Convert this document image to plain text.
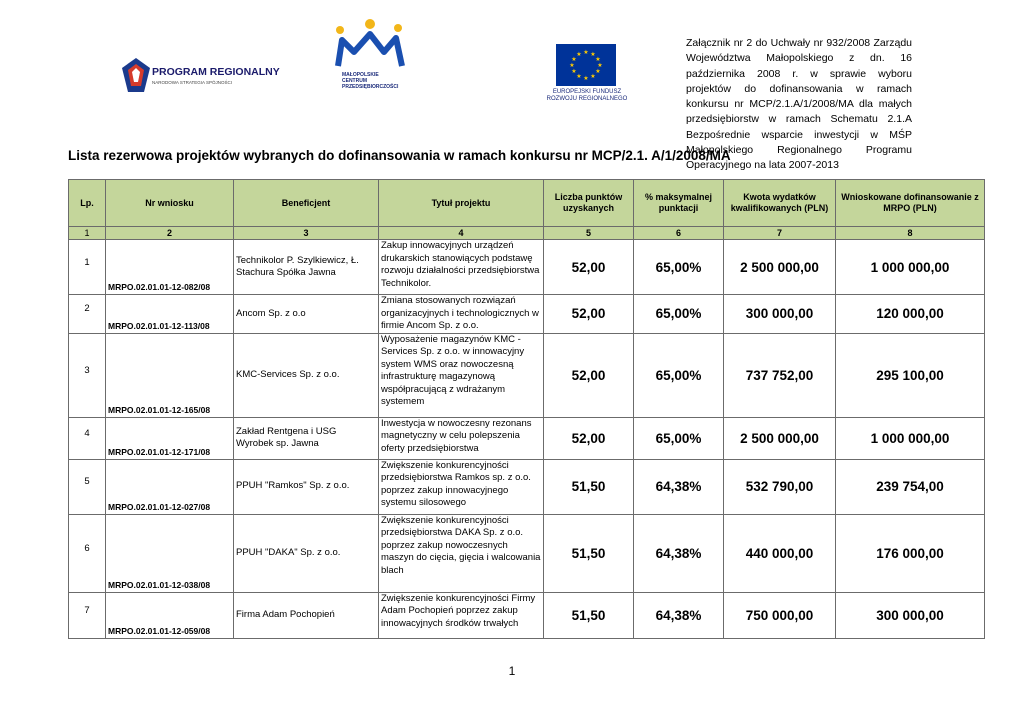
PROGRAM REGIONALNY
NARODOWA STRATEGIA SPÓJNOŚCI
MAŁOPOLSKIE
CENTRUM
PRZEDSIĘBIORCZOŚCI
★ ★
★
★
★
★
★
★
★
★
★
★
EUROPEJSKI FUNDUSZ
ROZWOJU REGIONALNEGO
Załącznik nr 2 do Uchwały nr 932/2008 Zarządu Województwa Małopolskiego z dn. 16 października 2008 r. w sprawie wyboru projektów do dofinansowania w ramach konkursu nr MCP/2.1.A/1/2008/MA dla małych przedsiębiorstw w ramach Schematu 2.1.A Bezpośrednie wsparcie inwestycji w MŚP Małopolskiego Regionalnego Programu Operacyjnego na lata 2007-2013
Lista rezerwowa projektów wybranych do dofinansowania w ramach konkursu nr MCP/2.1. A/1/2008/MA
Lp.	Nr wniosku	Beneficjent	Tytuł projektu	Liczba punktów uzyskanych	% maksymalnej punktacji	Kwota wydatków kwalifikowanych (PLN)	Wnioskowane dofinansowanie z MRPO (PLN)
1	2	3	4	5	6	7	8
1	MRPO.02.01.01-12-082/08	Technikolor P. Szylkiewicz, Ł. Stachura Spółka Jawna	Zakup innowacyjnych urządzeń drukarskich stanowiących podstawę rozwoju działalności przedsiębiorstwa Technikolor.	52,00	65,00%	2 500 000,00	1 000 000,00
2	MRPO.02.01.01-12-113/08	Ancom Sp. z o.o	Zmiana stosowanych rozwiązań organizacyjnych i technologicznych w firmie Ancom Sp. z o.o.	52,00	65,00%	300 000,00	120 000,00
3	MRPO.02.01.01-12-165/08	KMC-Services Sp. z o.o.	Wyposażenie magazynów KMC - Services Sp. z o.o. w innowacyjny system WMS oraz nowoczesną infrastrukturę magazynową współpracującą z wdrażanym systemem	52,00	65,00%	737 752,00	295 100,00
4	MRPO.02.01.01-12-171/08	Zakład Rentgena i USG Wyrobek sp. Jawna	Inwestycja w nowoczesny rezonans magnetyczny w celu polepszenia oferty przedsiębiorstwa	52,00	65,00%	2 500 000,00	1 000 000,00
5	MRPO.02.01.01-12-027/08	PPUH "Ramkos" Sp. z o.o.	Zwiększenie konkurencyjności przedsiębiorstwa Ramkos sp. z o.o. poprzez zakup innowacyjnego systemu silosowego	51,50	64,38%	532 790,00	239 754,00
6	MRPO.02.01.01-12-038/08	PPUH "DAKA" Sp. z o.o.	Zwiększenie konkurencyjności przedsiębiorstwa DAKA Sp. z o.o. poprzez zakup nowoczesnych maszyn do cięcia, gięcia i walcowania blach	51,50	64,38%	440 000,00	176 000,00
7	MRPO.02.01.01-12-059/08	Firma Adam Pochopień	Zwiększenie konkurencyjności Firmy Adam Pochopień poprzez zakup innowacyjnych środków trwałych	51,50	64,38%	750 000,00	300 000,00
1
